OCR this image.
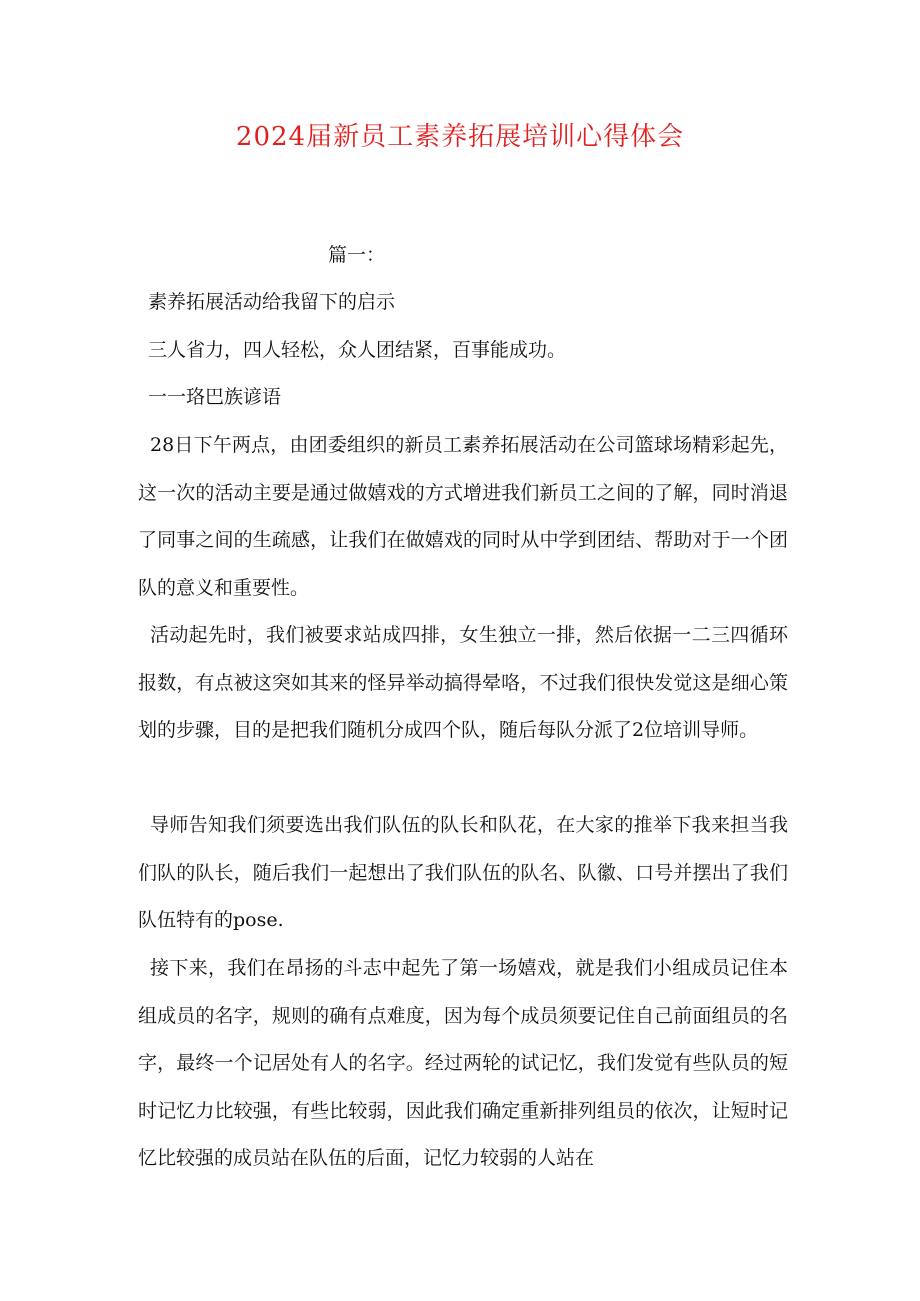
2024届新员工素养拓展培训心得体会
篇一：
素养拓展活动给我留下的启示
三人省力，四人轻松，众人团结紧，百事能成功。
一一珞巴族谚语
28日下午两点，由团委组织的新员工素养拓展活动在公司篮球场精彩起先，这一次的活动主要是通过做嬉戏的方式增进我们新员工之间的了解，同时消退了同事之间的生疏感，让我们在做嬉戏的同时从中学到团结、帮助对于一个团队的意义和重要性。
活动起先时，我们被要求站成四排，女生独立一排，然后依据一二三四循环报数，有点被这突如其来的怪异举动搞得晕咯，不过我们很快发觉这是细心策划的步骤，目的是把我们随机分成四个队，随后每队分派了2位培训导师。
导师告知我们须要选出我们队伍的队长和队花，在大家的推举下我来担当我们队的队长，随后我们一起想出了我们队伍的队名、队徽、口号并摆出了我们队伍特有的pose.
接下来，我们在昂扬的斗志中起先了第一场嬉戏，就是我们小组成员记住本组成员的名字，规则的确有点难度，因为每个成员须要记住自己前面组员的名字，最终一个记居处有人的名字。经过两轮的试记忆，我们发觉有些队员的短时记忆力比较强，有些比较弱，因此我们确定重新排列组员的依次，让短时记忆比较强的成员站在队伍的后面，记忆力较弱的人站在
